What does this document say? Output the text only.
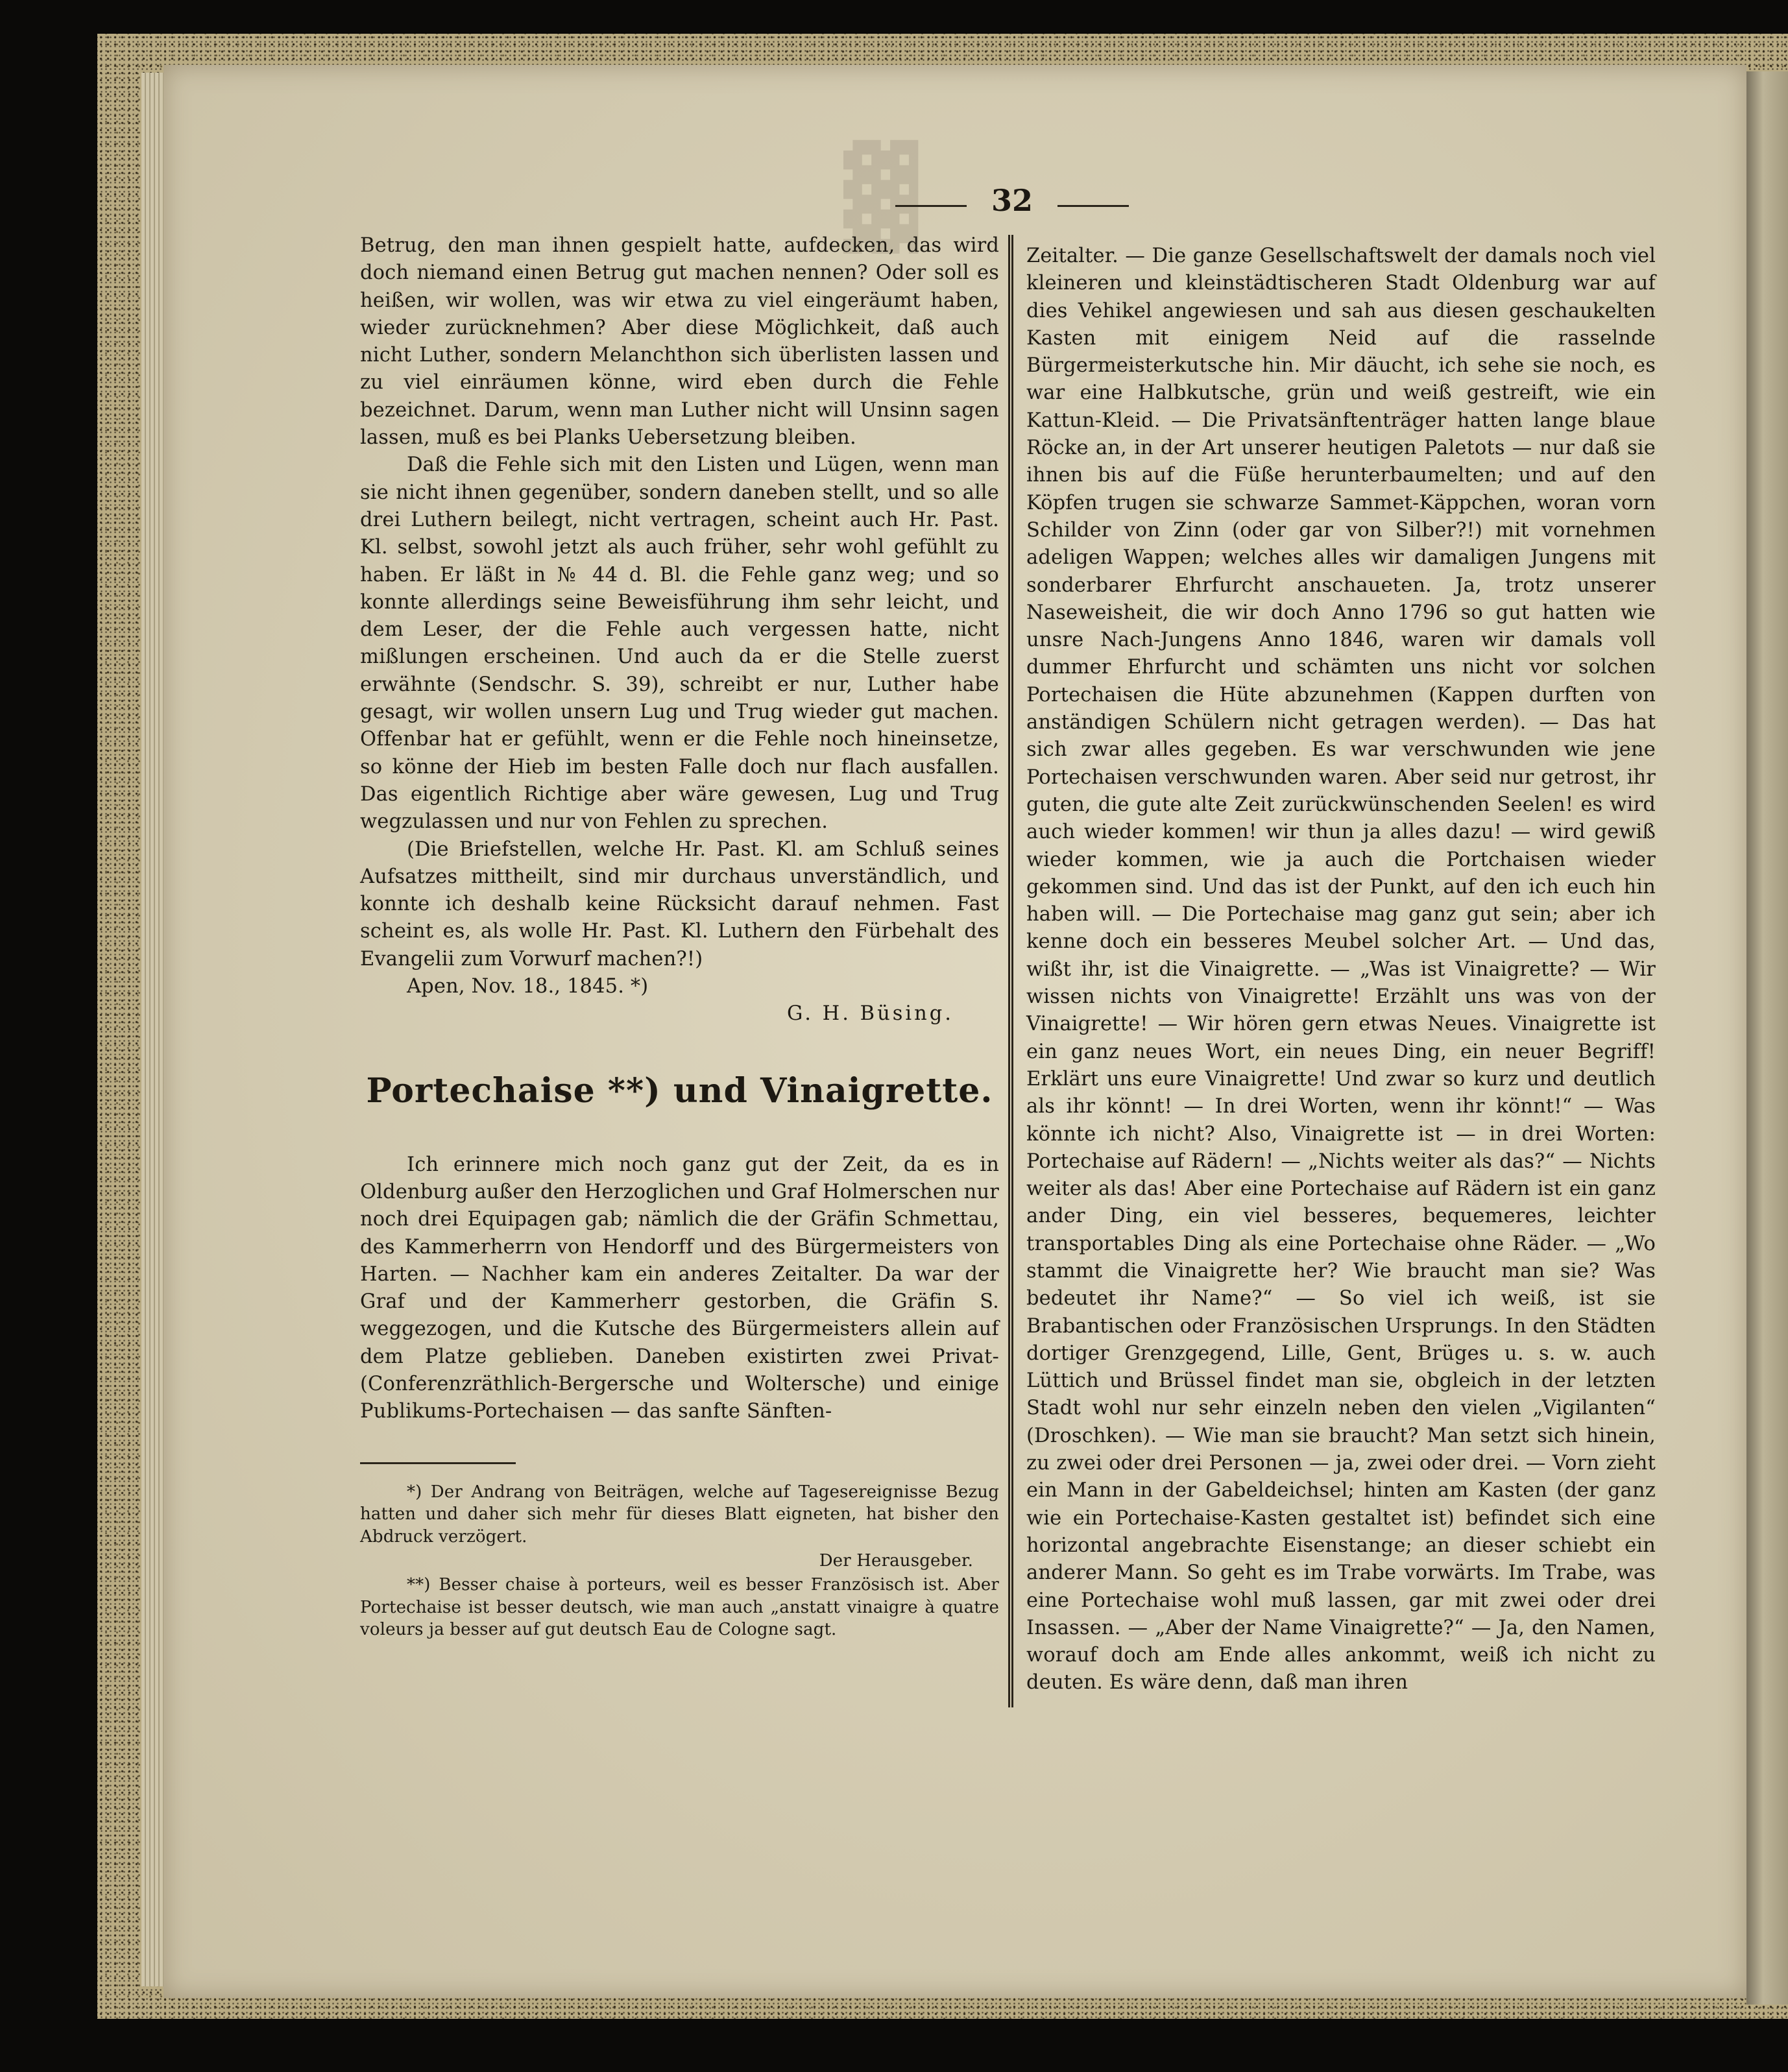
▓	32

Betrug, den man ihnen gespielt hatte, aufdecken, das wird doch niemand einen Betrug gut machen nennen? Oder soll es heißen, wir wollen, was wir etwa zu viel eingeräumt haben, wieder zurücknehmen? Aber diese Möglichkeit, daß auch nicht Luther, sondern Melanchthon sich überlisten lassen und zu viel einräumen könne, wird eben durch die Fehle bezeichnet. Darum, wenn man Luther nicht will Unsinn sagen lassen, muß es bei Planks Uebersetzung bleiben.

Daß die Fehle sich mit den Listen und Lügen, wenn man sie nicht ihnen gegenüber, sondern daneben stellt, und so alle drei Luthern beilegt, nicht vertragen, scheint auch Hr. Past. Kl. selbst, sowohl jetzt als auch früher, sehr wohl gefühlt zu haben. Er läßt in № 44 d. Bl. die Fehle ganz weg; und so konnte allerdings seine Beweisführung ihm sehr leicht, und dem Leser, der die Fehle auch vergessen hatte, nicht mißlungen erscheinen. Und auch da er die Stelle zuerst erwähnte (Sendschr. S. 39), schreibt er nur, Luther habe gesagt, wir wollen unsern Lug und Trug wieder gut machen. Offenbar hat er gefühlt, wenn er die Fehle noch hineinsetze, so könne der Hieb im besten Falle doch nur flach ausfallen. Das eigentlich Richtige aber wäre gewesen, Lug und Trug wegzulassen und nur von Fehlen zu sprechen.

(Die Briefstellen, welche Hr. Past. Kl. am Schluß seines Aufsatzes mittheilt, sind mir durchaus unverständlich, und konnte ich deshalb keine Rücksicht darauf nehmen. Fast scheint es, als wolle Hr. Past. Kl. Luthern den Fürbehalt des Evangelii zum Vorwurf machen?!)

Apen, Nov. 18., 1845. *)

G. H. Büsing.

Portechaise **) und Vinaigrette.

Ich erinnere mich noch ganz gut der Zeit, da es in Oldenburg außer den Herzoglichen und Graf Holmerschen nur noch drei Equipagen gab; nämlich die der Gräfin Schmettau, des Kammerherrn von Hendorff und des Bürgermeisters von Harten. — Nachher kam ein anderes Zeitalter. Da war der Graf und der Kammerherr gestorben, die Gräfin S. weggezogen, und die Kutsche des Bürgermeisters allein auf dem Platze geblieben. Daneben existirten zwei Privat- (Conferenzräthlich-Bergersche und Woltersche) und einige Publikums-Portechaisen — das sanfte Sänften-

*) Der Andrang von Beiträgen, welche auf Tagesereignisse Bezug hatten und daher sich mehr für dieses Blatt eigneten, hat bisher den Abdruck verzögert.

Der Herausgeber.

**) Besser chaise à porteurs, weil es besser Französisch ist. Aber Portechaise ist besser deutsch, wie man auch „anstatt vinaigre à quatre voleurs ja besser auf gut deutsch Eau de Cologne sagt.

Zeitalter. — Die ganze Gesellschaftswelt der damals noch viel kleineren und kleinstädtischeren Stadt Oldenburg war auf dies Vehikel angewiesen und sah aus diesen geschaukelten Kasten mit einigem Neid auf die rasselnde Bürgermeisterkutsche hin. Mir däucht, ich sehe sie noch, es war eine Halbkutsche, grün und weiß gestreift, wie ein Kattun-Kleid. — Die Privatsänftenträger hatten lange blaue Röcke an, in der Art unserer heutigen Paletots — nur daß sie ihnen bis auf die Füße herunterbaumelten; und auf den Köpfen trugen sie schwarze Sammet-Käppchen, woran vorn Schilder von Zinn (oder gar von Silber?!) mit vornehmen adeligen Wappen; welches alles wir damaligen Jungens mit sonderbarer Ehrfurcht anschaueten. Ja, trotz unserer Naseweisheit, die wir doch Anno 1796 so gut hatten wie unsre Nach-Jungens Anno 1846, waren wir damals voll dummer Ehrfurcht und schämten uns nicht vor solchen Portechaisen die Hüte abzunehmen (Kappen durften von anständigen Schülern nicht getragen werden). — Das hat sich zwar alles gegeben. Es war verschwunden wie jene Portechaisen verschwunden waren. Aber seid nur getrost, ihr guten, die gute alte Zeit zurückwünschenden Seelen! es wird auch wieder kommen! wir thun ja alles dazu! — wird gewiß wieder kommen, wie ja auch die Portchaisen wieder gekommen sind. Und das ist der Punkt, auf den ich euch hin haben will. — Die Portechaise mag ganz gut sein; aber ich kenne doch ein besseres Meubel solcher Art. — Und das, wißt ihr, ist die Vinaigrette. — „Was ist Vinaigrette? — Wir wissen nichts von Vinaigrette! Erzählt uns was von der Vinaigrette! — Wir hören gern etwas Neues. Vinaigrette ist ein ganz neues Wort, ein neues Ding, ein neuer Begriff! Erklärt uns eure Vinaigrette! Und zwar so kurz und deutlich als ihr könnt! — In drei Worten, wenn ihr könnt!“ — Was könnte ich nicht? Also, Vinaigrette ist — in drei Worten: Portechaise auf Rädern! — „Nichts weiter als das?“ — Nichts weiter als das! Aber eine Portechaise auf Rädern ist ein ganz ander Ding, ein viel besseres, bequemeres, leichter transportables Ding als eine Portechaise ohne Räder. — „Wo stammt die Vinaigrette her? Wie braucht man sie? Was bedeutet ihr Name?“ — So viel ich weiß, ist sie Brabantischen oder Französischen Ursprungs. In den Städten dortiger Grenzgegend, Lille, Gent, Brüges u. s. w. auch Lüttich und Brüssel findet man sie, obgleich in der letzten Stadt wohl nur sehr einzeln neben den vielen „Vigilanten“ (Droschken). — Wie man sie braucht? Man setzt sich hinein, zu zwei oder drei Personen — ja, zwei oder drei. — Vorn zieht ein Mann in der Gabeldeichsel; hinten am Kasten (der ganz wie ein Portechaise-Kasten gestaltet ist) befindet sich eine horizontal angebrachte Eisenstange; an dieser schiebt ein anderer Mann. So geht es im Trabe vorwärts. Im Trabe, was eine Portechaise wohl muß lassen, gar mit zwei oder drei Insassen. — „Aber der Name Vinaigrette?“ — Ja, den Namen, worauf doch am Ende alles ankommt, weiß ich nicht zu deuten. Es wäre denn, daß man ihren
